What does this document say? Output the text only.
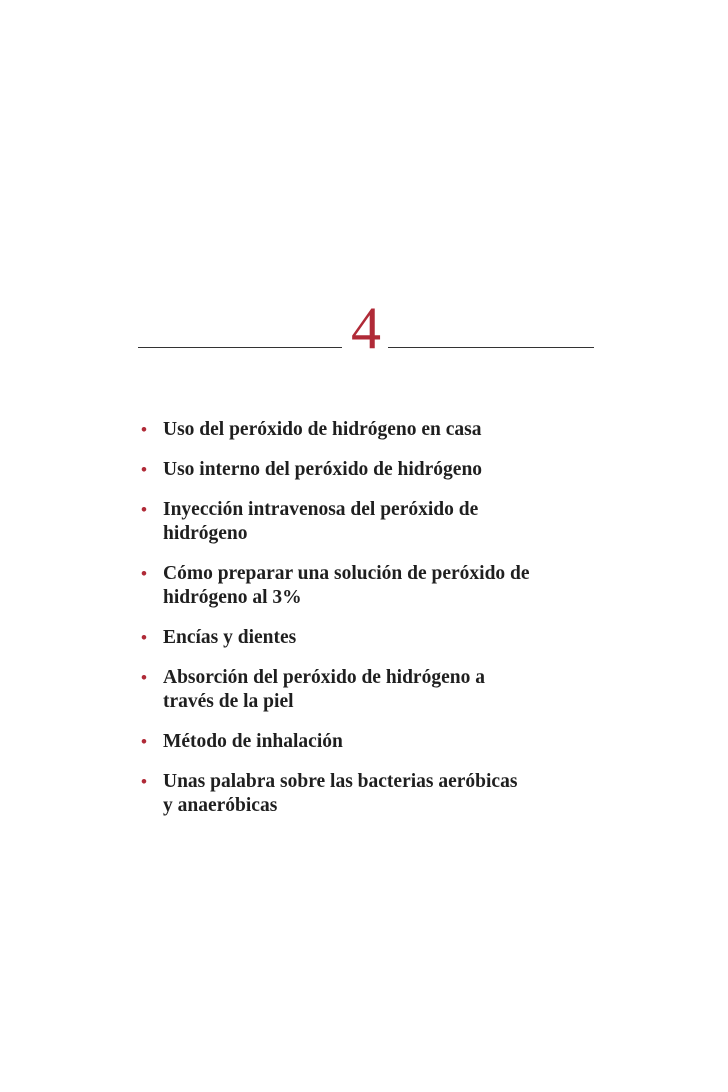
4
• Uso del peróxido de hidrógeno en casa
• Uso interno del peróxido de hidrógeno
• Inyección intravenosa del peróxido de
hidrógeno
• Cómo preparar una solución de peróxido de
hidrógeno al 3%
• Encías y dientes
• Absorción del peróxido de hidrógeno a
través de la piel
• Método de inhalación
• Unas palabra sobre las bacterias aeróbicas
y anaeróbicas
